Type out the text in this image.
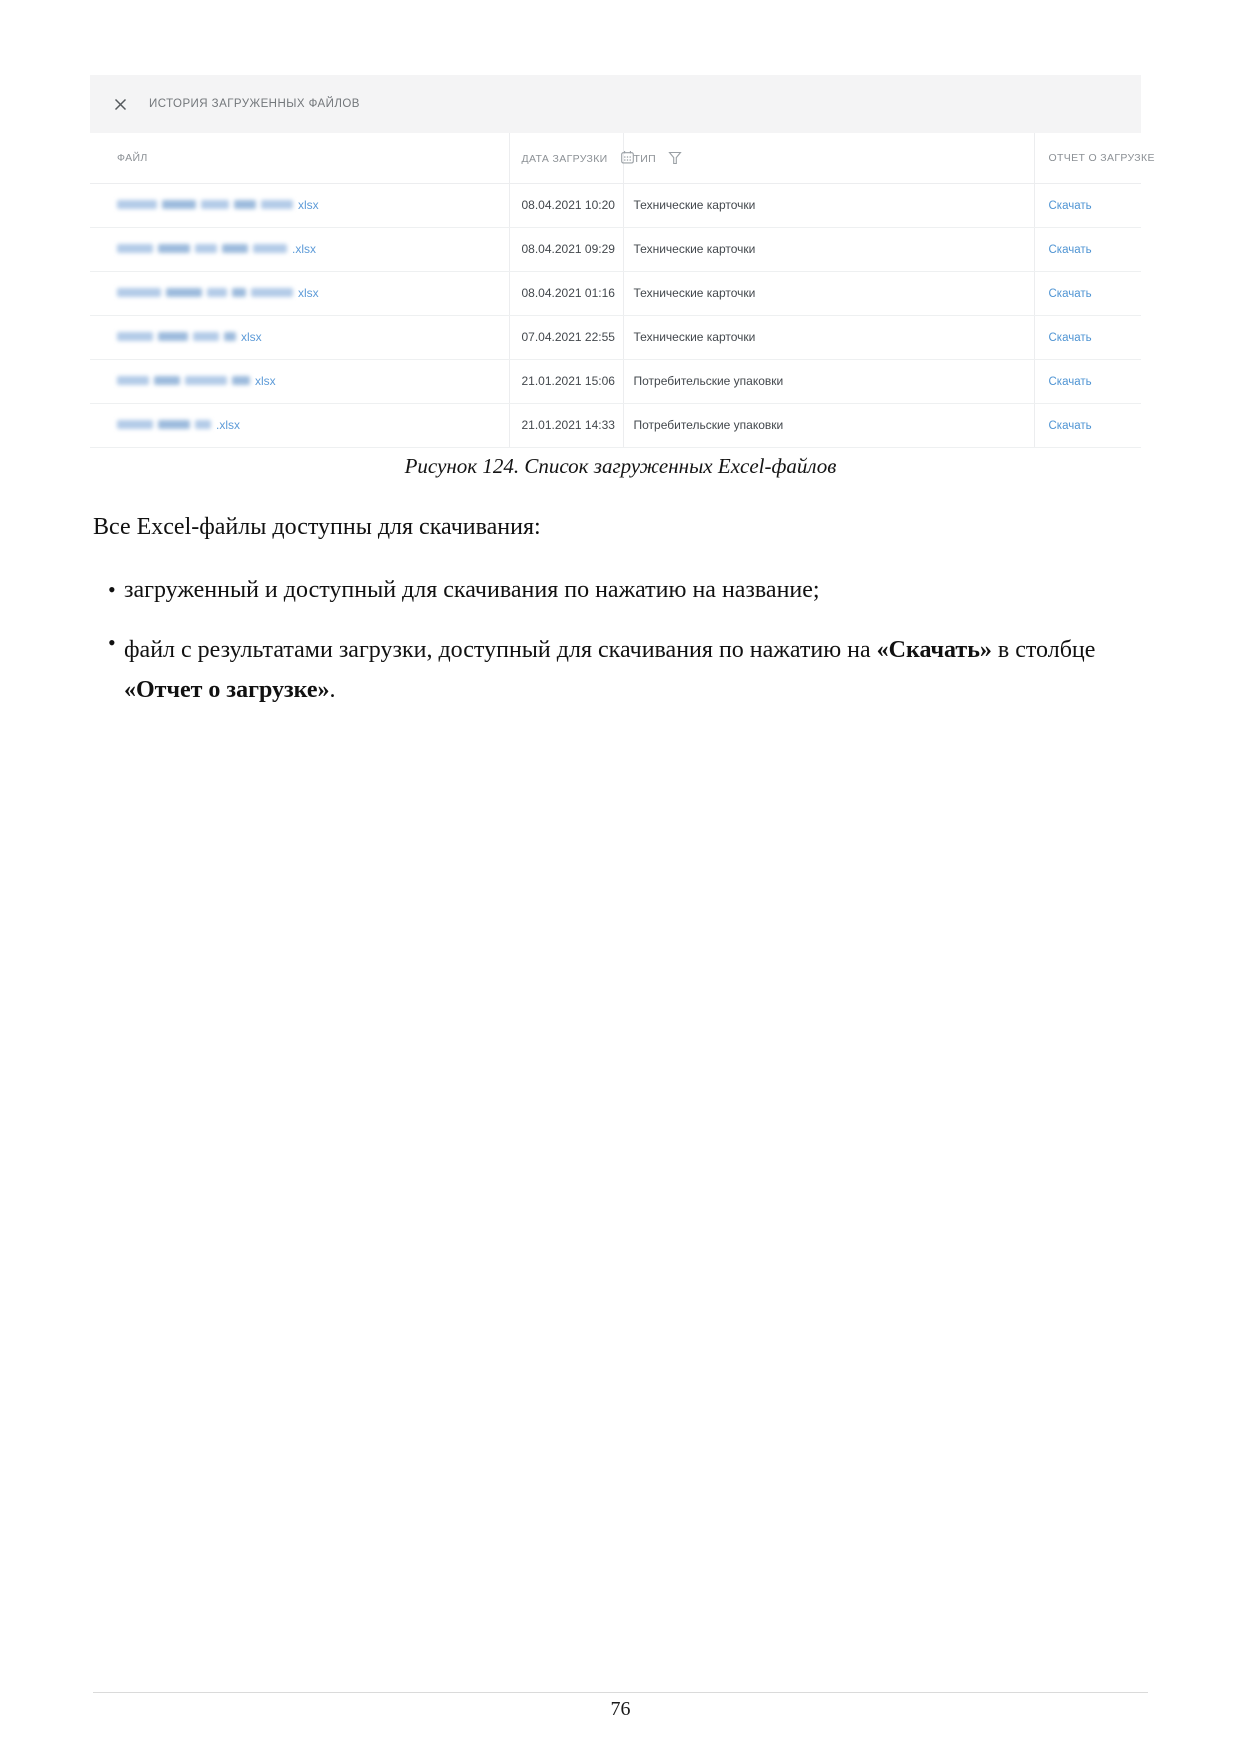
ИСТОРИЯ ЗАГРУЖЕННЫХ ФАЙЛОВ
ФАЙЛ	ДАТА ЗАГРУЗКИ	ТИП	ОТЧЕТ О ЗАГРУЗКЕ

xlsx	08.04.2021 10:20	Технические карточки	Скачать

.xlsx	08.04.2021 09:29	Технические карточки	Скачать

xlsx	08.04.2021 01:16	Технические карточки	Скачать

xlsx	07.04.2021 22:55	Технические карточки	Скачать

xlsx	21.01.2021 15:06	Потребительские упаковки	Скачать

.xlsx	21.01.2021 14:33	Потребительские упаковки	Скачать
Рисунок 124. Список загруженных Excel-файлов

Все Excel-файлы доступны для скачивания:

• загруженный и доступный для скачивания по нажатию на название;
• файл с результатами загрузки, доступный для скачивания по нажатию на «Скачать» в столбце «Отчет о загрузке».
76
